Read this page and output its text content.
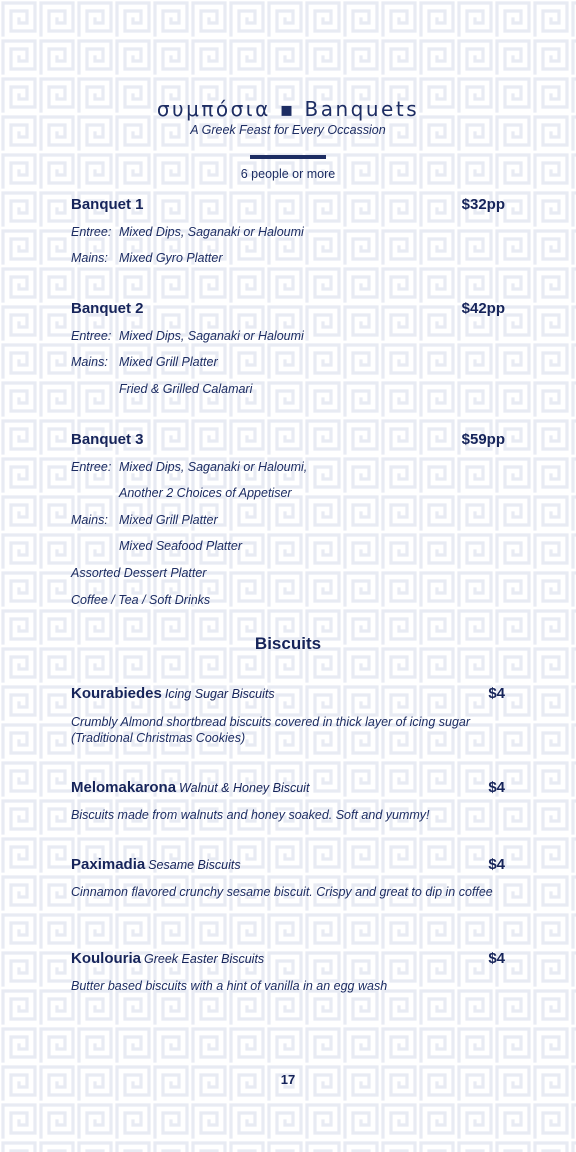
συμπόσια ▪ Banquets
A Greek Feast for Every Occassion
6 people or more
Banquet 1	$32pp
Entree: Mixed Dips, Saganaki or Haloumi
Mains: Mixed Gyro Platter
Banquet 2	$42pp
Entree: Mixed Dips, Saganaki or Haloumi
Mains: Mixed Grill Platter
Fried & Grilled Calamari
Banquet 3	$59pp
Entree: Mixed Dips, Saganaki or Haloumi,
Another 2 Choices of Appetiser
Mains: Mixed Grill Platter
Mixed Seafood Platter
Assorted Dessert Platter
Coffee / Tea / Soft Drinks
Biscuits
Kourabiedes Icing Sugar Biscuits	$4
Crumbly Almond shortbread biscuits covered in thick layer of icing sugar (Traditional Christmas Cookies)
Melomakarona Walnut & Honey Biscuit	$4
Biscuits made from walnuts and honey soaked. Soft and yummy!
Paximadia Sesame Biscuits	$4
Cinnamon flavored crunchy sesame biscuit. Crispy and great to dip in coffee
Koulouria Greek Easter Biscuits	$4
Butter based biscuits with a hint of vanilla in an egg wash
17
